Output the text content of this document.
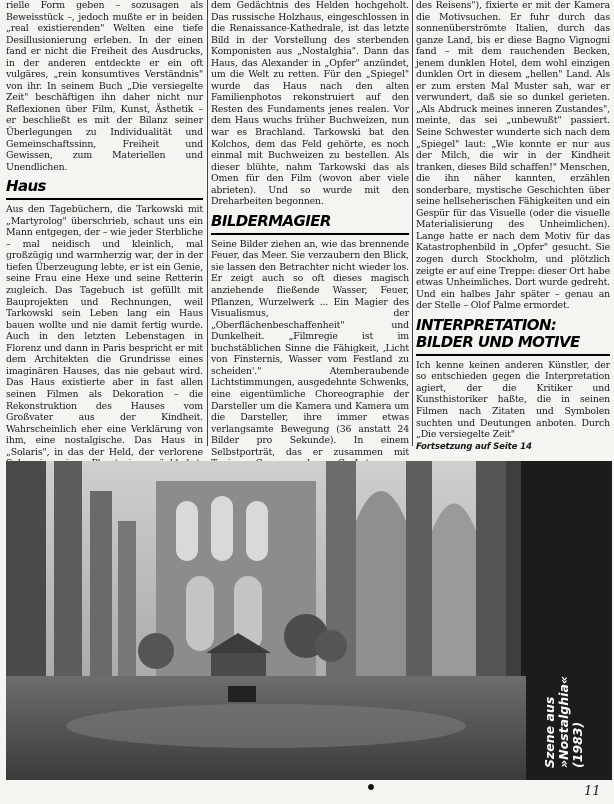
rielle Form geben – sozusagen als Beweisstück –, jedoch mußte er in beiden „real existierenden" Welten eine tiefe Desillusionierung erleben. In der einen fand er nicht die Freiheit des Ausdrucks, in der anderen entdeckte er ein oft vulgäres, „rein konsumtives Verständnis" von ihr. In seinem Buch „Die versiegelte Zeit" beschäftigen ihn daher nicht nur Reflexionen über Film, Kunst, Ästhetik – er beschließt es mit der Bilanz seiner Überlegungen zu Individualität und Gemeinschaftssinn, Freiheit und Gewissen, zum Materiellen und Unendlichen.

Haus

Aus den Tagebüchern, die Tarkowski mit „Martyrolog" überschrieb, schaut uns ein Mann entgegen, der – wie jeder Sterbliche – mal neidisch und kleinlich, mal großzügig und warmherzig war, der in der tiefen Überzeugung lebte, er ist ein Genie, seine Frau eine Hexe und seine Retterin zugleich. Das Tagebuch ist gefüllt mit Bauprojekten und Rechnungen, weil Tarkowski sein Leben lang ein Haus bauen wollte und nie damit fertig wurde. Auch in den letzten Lebenstagen in Florenz und dann in Paris bespricht er mit dem Architekten die Grundrisse eines imaginären Hauses, das nie gebaut wird. Das Haus existierte aber in fast allen seinen Filmen als Dekoration – die Rekonstruktion des Hauses vom Großvater aus der Kindheit. Wahrscheinlich eher eine Verklärung von ihm, eine nostalgische. Das Haus in „Solaris", in das der Held, der verlorene

dem Gedächtnis des Helden hochgeholt. Das russische Holzhaus, eingeschlossen in die Renaissance-Kathedrale, ist das letzte Bild in der Vorstellung des sterbenden Komponisten aus „Nostalghia". Dann das Haus, das Alexander in „Opfer" anzündet, um die Welt zu retten. Für den „Spiegel" wurde das Haus nach den alten Familienphotos rekonstruiert auf den Resten des Fundaments jenes realen. Vor dem Haus wuchs früher Buchweizen, nun war es Brachland. Tarkowski bat den Kolchos, dem das Feld gehörte, es noch einmal mit Buchweizen zu bestellen. Als dieser blühte, nahm Tarkowski das als Omen für den Film (wovon aber viele abrieten). Und so wurde mit den Dreharbeiten begonnen.

BILDERMAGIER

Seine Bilder ziehen an, wie das brennende Feuer, das Meer. Sie verzaubern den Blick, sie lassen den Betrachter nicht wieder los. Er zeigt auch so oft dieses magisch anziehende fließende Wasser, Feuer, Pflanzen, Wurzelwerk ... Ein Magier des Visualismus, der „Oberflächenbeschaffenheit" und Dunkelheit. „Filmregie ist im buchstäblichen Sinne die Fähigkeit, ‚Licht von Finsternis, Wasser vom Festland zu scheiden'." Atemberaubende Lichtstimmungen, ausgedehnte Schwenks, eine eigentümliche Choreographie der Darsteller um die Kamera und Kamera um die Darsteller, ihre immer etwas verlangsamte Bewegung (36 anstatt 24 Bilder pro Sekunde). In einem Selbstporträt, das er zusammen mit

des Reisens"), fixierte er mit der Kamera die Motivsuchen. Er fuhr durch das sonnenüberströmte Italien, durch das ganze Land, bis er diese Bagno Vignogni fand – mit dem rauchenden Becken, jenem dunklen Hotel, dem wohl einzigen dunklen Ort in diesem „hellen" Land. Als er zum ersten Mal Muster sah, war er verwundert, daß sie so dunkel gerieten. „Als Abdruck meines inneren Zustandes", meinte, das sei „unbewußt" passiert. Seine Schwester wunderte sich nach dem „Spiegel" laut: „Wie konnte er nur aus der Milch, die wir in der Kindheit tranken, dieses Bild schaffen!" Menschen, die ihn näher kannten, erzählen sonderbare, mystische Geschichten über seine hellseherischen Fähigkeiten und ein Gespür für das Visuelle (oder die visuelle Materialisierung des Unheimlichen). Lange hatte er nach dem Motiv für das Katastrophenbild in „Opfer" gesucht. Sie zogen durch Stockholm, und plötzlich zeigte er auf eine Treppe: dieser Ort habe etwas Unheimliches. Dort wurde gedreht. Und ein halbes Jahr später – genau an der Stelle – Olof Palme ermordet.

INTERPRETATION: BILDER UND MOTIVE

Ich kenne keinen anderen Künstler, der so entschieden gegen die Interpretation agiert, der die Kritiker und Kunsthistoriker haßte, die in seinen Filmen nach Zitaten und Symbolen suchten und Deutungen anboten. Durch „Die versiegelte Zeit"

Fortsetzung auf Seite 14
Szene aus »Nostalghia« (1983)
11
